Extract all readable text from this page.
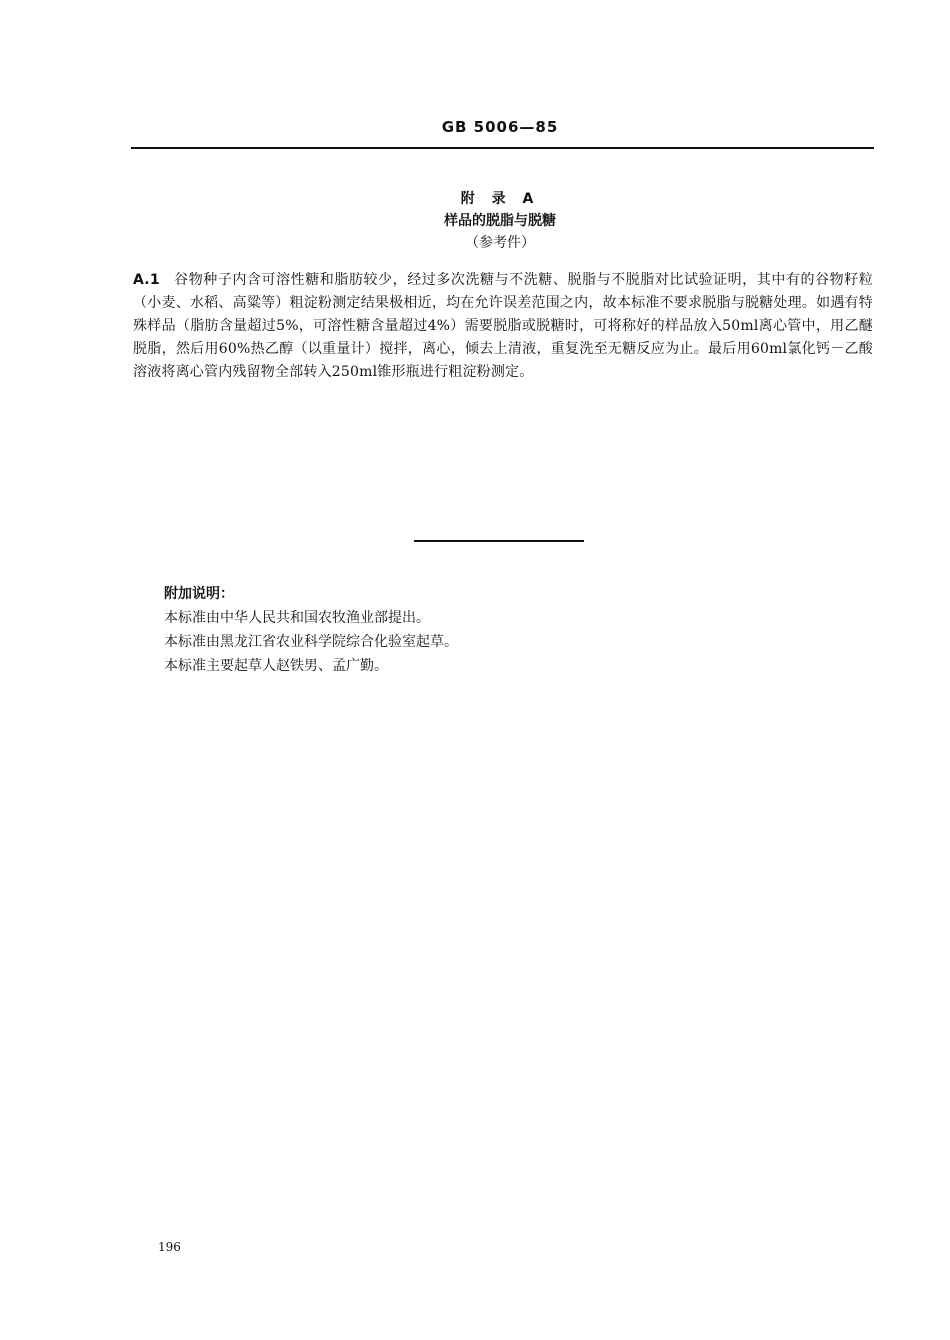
GB 5006—85
附 录 A
样品的脱脂与脱糖
（参考件）
A.1 谷物种子内含可溶性糖和脂肪较少，经过多次洗糖与不洗糖、脱脂与不脱脂对比试验证明，其中有的谷物籽粒（小麦、水稻、高粱等）粗淀粉测定结果极相近，均在允许误差范围之内，故本标准不要求脱脂与脱糖处理。如遇有特殊样品（脂肪含量超过5%，可溶性糖含量超过4%）需要脱脂或脱糖时，可将称好的样品放入50ml离心管中，用乙醚脱脂，然后用60%热乙醇（以重量计）搅拌，离心，倾去上清液，重复洗至无糖反应为止。最后用60ml氯化钙－乙酸溶液将离心管内残留物全部转入250ml锥形瓶进行粗淀粉测定。
附加说明：
本标准由中华人民共和国农牧渔业部提出。
本标准由黑龙江省农业科学院综合化验室起草。
本标准主要起草人赵铁男、孟广勤。
196
